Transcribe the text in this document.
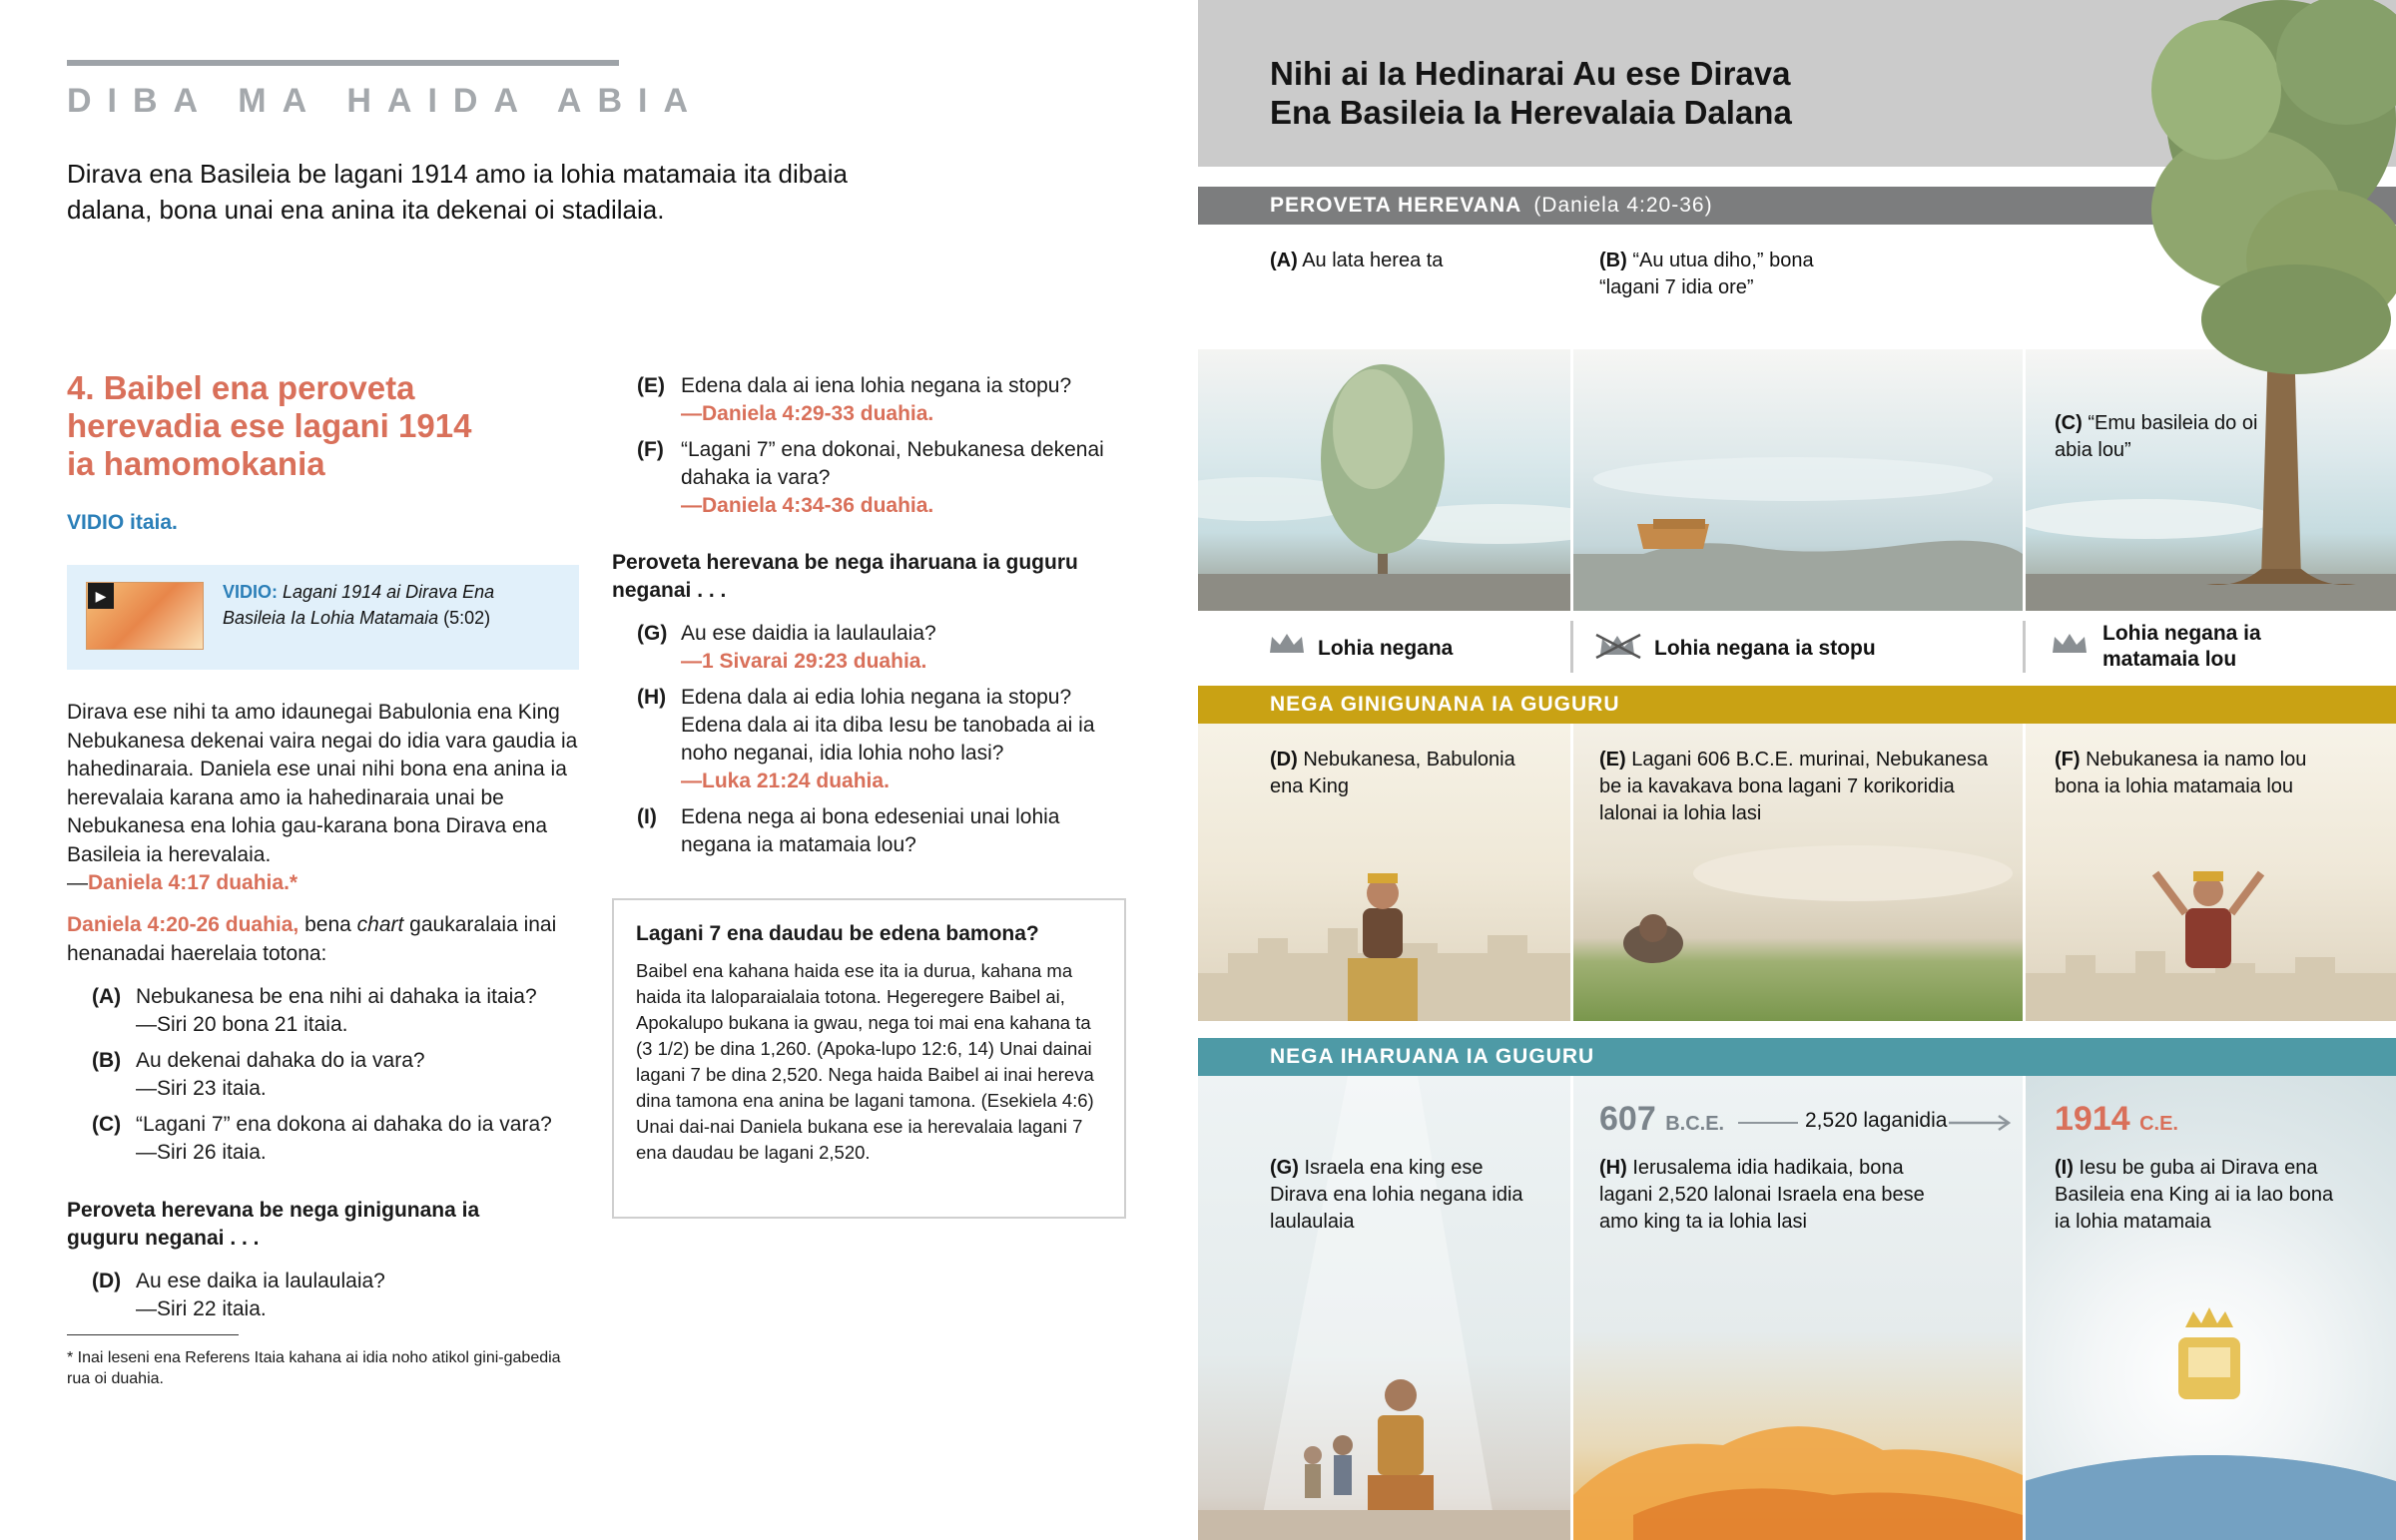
DIBA MA HAIDA ABIA
Dirava ena Basileia be lagani 1914 amo ia lohia matamaia ita dibaia dalana, bona unai ena anina ita dekenai oi stadilaia.
4. Baibel ena peroveta herevadia ese lagani 1914 ia hamomokania
VIDIO itaia.
▶	VIDIO: Lagani 1914 ai Dirava Ena Basileia Ia Lohia Matamaia (5:02)
Dirava ese nihi ta amo idaunegai Babulonia ena King Nebukanesa dekenai vaira negai do idia vara gaudia ia hahedinaraia. Daniela ese unai nihi bona ena anina ia herevalaia karana amo ia hahedinaraia unai be Nebukanesa ena lohia gau-karana bona Dirava ena Basileia ia herevalaia.
—Daniela 4:17 duahia.*
Daniela 4:20-26 duahia, bena chart gaukaralaia inai henanadai haerelaia totona:
(A) Nebukanesa be ena nihi ai dahaka ia itaia?
—Siri 20 bona 21 itaia.
(B) Au dekenai dahaka do ia vara?
—Siri 23 itaia.
(C) “Lagani 7” ena dokona ai dahaka do ia vara?
—Siri 26 itaia.
Peroveta herevana be nega ginigunana ia guguru neganai . . .
(D) Au ese daika ia laulaulaia?
—Siri 22 itaia.
* Inai leseni ena Referens Itaia kahana ai idia noho atikol gini-gabedia rua oi duahia.
(E) Edena dala ai iena lohia negana ia stopu?
—Daniela 4:29-33 duahia.
(F) “Lagani 7” ena dokonai, Nebukanesa dekenai dahaka ia vara?
—Daniela 4:34-36 duahia.
Peroveta herevana be nega iharuana ia guguru neganai . . .
(G) Au ese daidia ia laulaulaia?
—1 Sivarai 29:23 duahia.
(H) Edena dala ai edia lohia negana ia stopu? Edena dala ai ita diba Iesu be tanobada ai ia noho neganai, idia lohia noho lasi?
—Luka 21:24 duahia.
(I)	Edena nega ai bona edeseniai unai lohia negana ia matamaia lou?
Lagani 7 ena daudau be edena bamona?

Baibel ena kahana haida ese ita ia durua, kahana ma haida ita laloparaialaia totona. Hegeregere Baibel ai, Apokalupo bukana ia gwau, nega toi mai ena kahana ta (3 1/2) be dina 1,260. (Apoka-lupo 12:6, 14) Unai dainai lagani 7 be dina 2,520. Nega haida Baibel ai inai hereva dina tamona ena anina be lagani tamona. (Esekiela 4:6) Unai dai-nai Daniela bukana ese ia herevalaia lagani 7 ena daudau be lagani 2,520.

Nihi ai Ia Hedinarai Au ese Dirava
Ena Basileia Ia Herevalaia Dalana
PEROVETA HEREVANA (Daniela 4:20-36)
(A) Au lata herea ta	(B) “Au utua diho,” bona “lagani 7 idia ore”
(C) “Emu basileia do oi abia lou”
Lohia negana	Lohia negana ia stopu
Lohia negana ia matamaia lou
NEGA GINIGUNANA IA GUGURU
(D) Nebukanesa, Babulonia ena King
(E) Lagani 606 B.C.E. murinai, Nebukanesa be ia kavakava bona lagani 7 korikoridia lalonai ia lohia lasi
(F) Nebukanesa ia namo lou bona ia lohia matamaia lou
NEGA IHARUANA IA GUGURU
607 B.C.E.	2,520 laganidia	1914 C.E.
(G) Israela ena king ese Dirava ena lohia negana idia laulaulaia
(H) Ierusalema idia hadikaia, bona lagani 2,520 lalonai Israela ena bese amo king ta ia lohia lasi
(I) Iesu be guba ai Dirava ena Basileia ena King ai ia lao bona ia lohia matamaia
